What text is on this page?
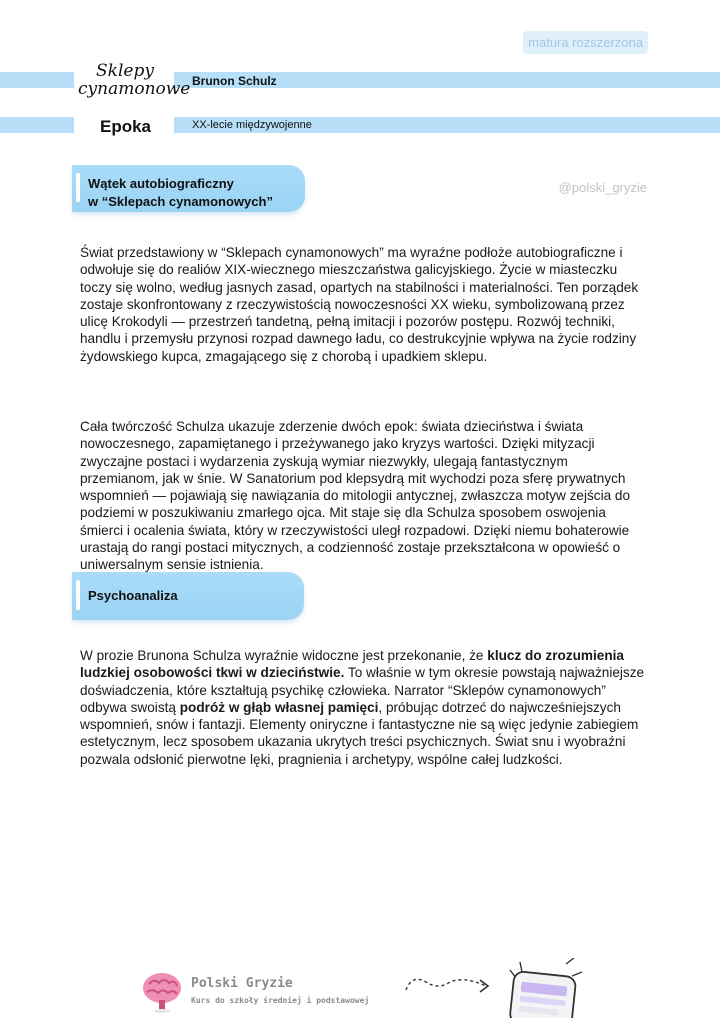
matura rozszerzona
Sklepy
cynamonowe
Epoka
Brunon Schulz
XX-lecie międzywojenne
Wątek autobiograficzny
w “Sklepach cynamonowych”
@polski_gryzie

Świat przedstawiony w “Sklepach cynamonowych” ma wyraźne podłoże autobiograficzne i odwołuje się do realiów XIX-wiecznego mieszczaństwa galicyjskiego. Życie w miasteczku toczy się wolno, według jasnych zasad, opartych na stabilności i materialności. Ten porządek zostaje skonfrontowany z rzeczywistością nowoczesności XX wieku, symbolizowaną przez ulicę Krokodyli — przestrzeń tandetną, pełną imitacji i pozorów postępu. Rozwój techniki, handlu i przemysłu przynosi rozpad dawnego ładu, co destrukcyjnie wpływa na życie rodziny żydowskiego kupca, zmagającego się z chorobą i upadkiem sklepu.

Cała twórczość Schulza ukazuje zderzenie dwóch epok: świata dzieciństwa i świata nowoczesnego, zapamiętanego i przeżywanego jako kryzys wartości. Dzięki mityzacji zwyczajne postaci i wydarzenia zyskują wymiar niezwykły, ulegają fantastycznym przemianom, jak w śnie. W Sanatorium pod klepsydrą mit wychodzi poza sferę prywatnych wspomnień — pojawiają się nawiązania do mitologii antycznej, zwłaszcza motyw zejścia do podziemi w poszukiwaniu zmarłego ojca. Mit staje się dla Schulza sposobem oswojenia śmierci i ocalenia świata, który w rzeczywistości uległ rozpadowi. Dzięki niemu bohaterowie urastają do rangi postaci mitycznych, a codzienność zostaje przekształcona w opowieść o uniwersalnym sensie istnienia.

Psychoanaliza

W prozie Brunona Schulza wyraźnie widoczne jest przekonanie, że klucz do zrozumienia ludzkiej osobowości tkwi w dzieciństwie. To właśnie w tym okresie powstają najważniejsze doświadczenia, które kształtują psychikę człowieka. Narrator “Sklepów cynamonowych” odbywa swoistą podróż w głąb własnej pamięci, próbując dotrzeć do najwcześniejszych wspomnień, snów i fantazji. Elementy oniryczne i fantastyczne nie są więc jedynie zabiegiem estetycznym, lecz sposobem ukazania ukrytych treści psychicznych. Świat snu i wyobraźni pozwala odsłonić pierwotne lęki, pragnienia i archetypy, wspólne całej ludzkości.

Polski Gryzie
Kurs do szkoły średniej i podstawowej
